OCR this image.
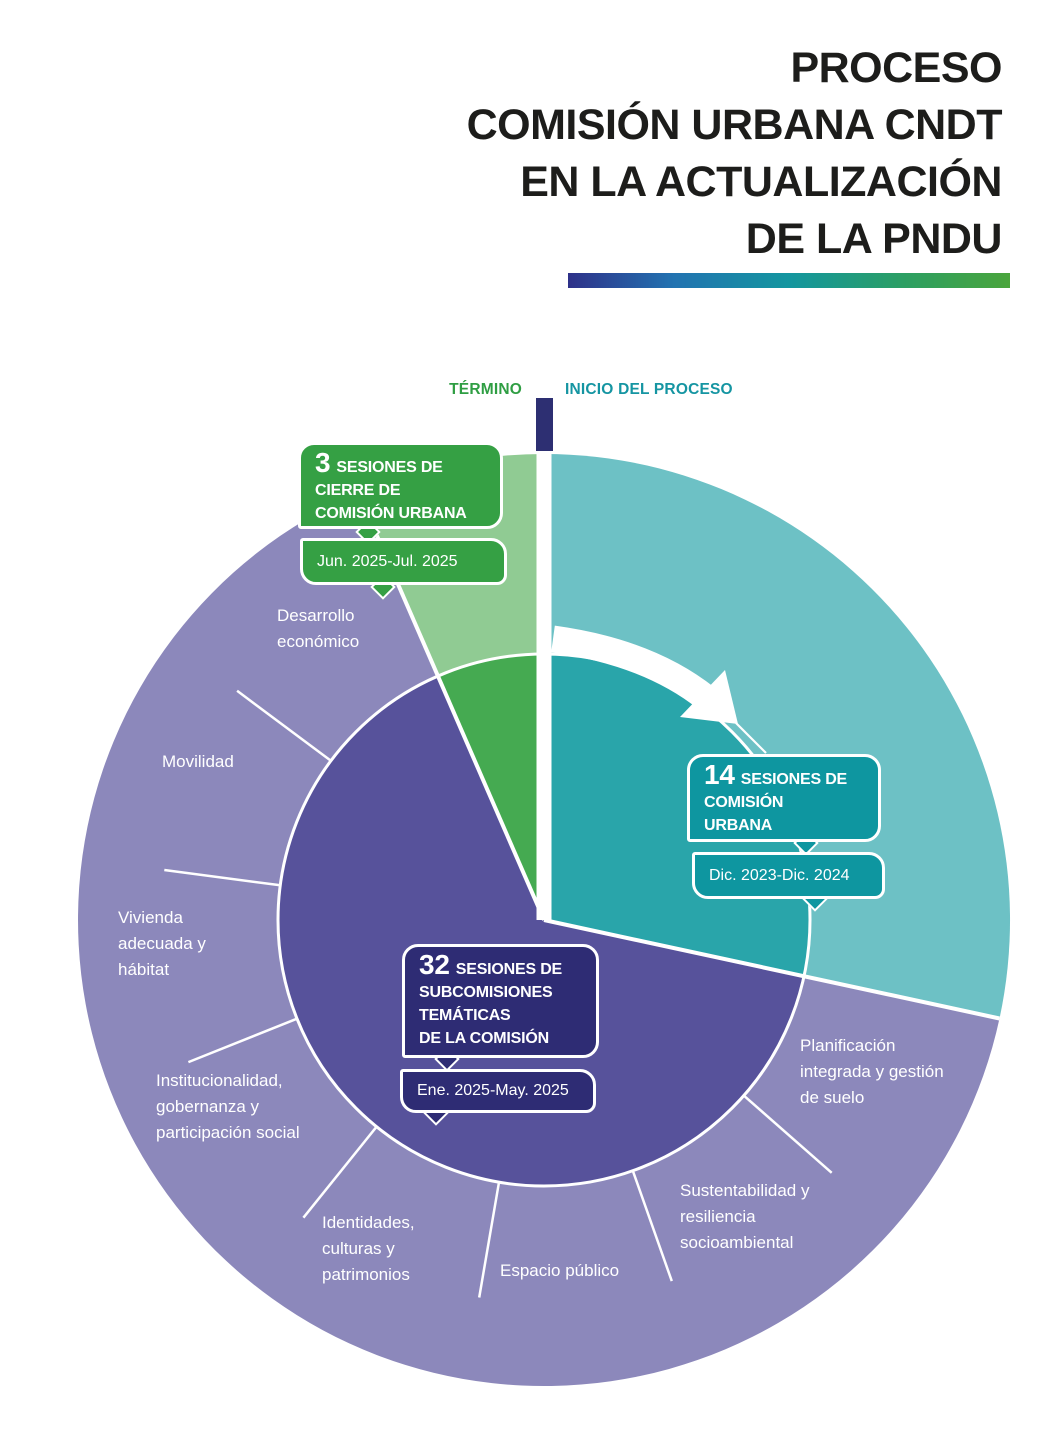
PROCESO
COMISIÓN URBANA CNDT
EN LA ACTUALIZACIÓN
DE LA PNDU
TÉRMINO	INICIO DEL PROCESO
3 SESIONES DE
CIERRE DE
COMISIÓN URBANA
Jun. 2025-Jul. 2025
14 SESIONES DE
COMISIÓN
URBANA
Dic. 2023-Dic. 2024
32 SESIONES DE
SUBCOMISIONES
TEMÁTICAS
DE LA COMISIÓN
Ene. 2025-May. 2025
Desarrollo económico
Movilidad
Vivienda adecuada y hábitat
Institucionalidad, gobernanza y participación social
Identidades, culturas y patrimonios	Espacio público
Sustentabilidad y resiliencia socioambiental
Planificación integrada y gestión de suelo
